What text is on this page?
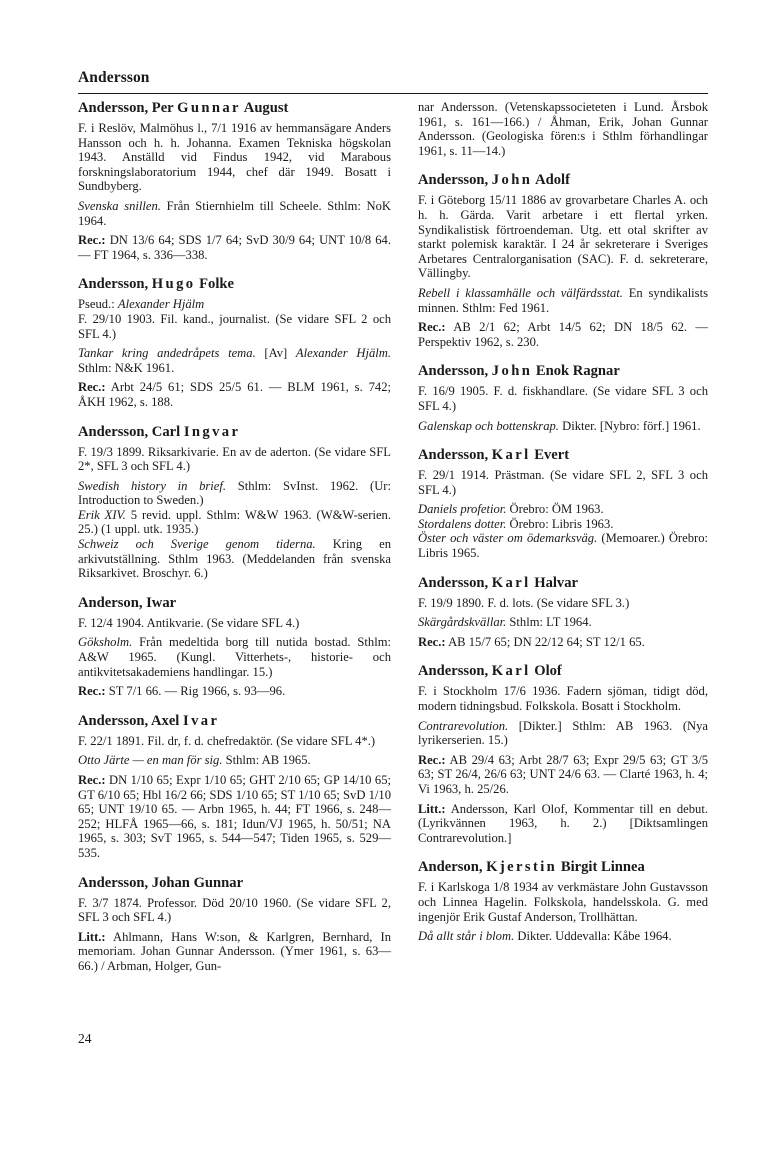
Andersson
Andersson, Per Gunnar August

F. i Reslöv, Malmöhus l., 7/1 1916 av hemmansägare Anders Hansson och h. h. Johanna. Examen Tekniska högskolan 1943. Anställd vid Findus 1942, vid Marabous forskningslaboratorium 1944, chef där 1949. Bosatt i Sundbyberg.

Svenska snillen. Från Stiernhielm till Scheele. Sthlm: NoK 1964.

Rec.: DN 13/6 64; SDS 1/7 64; SvD 30/9 64; UNT 10/8 64. — FT 1964, s. 336—338.

Andersson, Hugo Folke

Pseud.: Alexander Hjälm

F. 29/10 1903. Fil. kand., journalist. (Se vidare SFL 2 och SFL 4.)

Tankar kring andedråpets tema. [Av] Alexander Hjälm. Sthlm: N&K 1961.

Rec.: Arbt 24/5 61; SDS 25/5 61. — BLM 1961, s. 742; ÅKH 1962, s. 188.

Andersson, Carl Ingvar

F. 19/3 1899. Riksarkivarie. En av de aderton. (Se vidare SFL 2*, SFL 3 och SFL 4.)

Swedish history in brief. Sthlm: SvInst. 1962. (Ur: Introduction to Sweden.)

Erik XIV. 5 revid. uppl. Sthlm: W&W 1963. (W&W-serien. 25.) (1 uppl. utk. 1935.)

Schweiz och Sverige genom tiderna. Kring en arkivutställning. Sthlm 1963. (Meddelanden från svenska Riksarkivet. Broschyr. 6.)

Anderson, Iwar

F. 12/4 1904. Antikvarie. (Se vidare SFL 4.)

Göksholm. Från medeltida borg till nutida bostad. Sthlm: A&W 1965. (Kungl. Vitterhets-, historie- och antikvitetsakademiens handlingar. 15.)

Rec.: ST 7/1 66. — Rig 1966, s. 93—96.

Andersson, Axel Ivar

F. 22/1 1891. Fil. dr, f. d. chefredaktör. (Se vidare SFL 4*.)

Otto Järte — en man för sig. Sthlm: AB 1965.

Rec.: DN 1/10 65; Expr 1/10 65; GHT 2/10 65; GP 14/10 65; GT 6/10 65; Hbl 16/2 66; SDS 1/10 65; ST 1/10 65; SvD 1/10 65; UNT 19/10 65. — Arbn 1965, h. 44; FT 1966, s. 248—252; HLFÅ 1965—66, s. 181; Idun/VJ 1965, h. 50/51; NA 1965, s. 303; SvT 1965, s. 544—547; Tiden 1965, s. 529—535.

Andersson, Johan Gunnar

F. 3/7 1874. Professor. Död 20/10 1960. (Se vidare SFL 2, SFL 3 och SFL 4.)

Litt.: Ahlmann, Hans W:son, & Karlgren, Bernhard, In memoriam. Johan Gunnar Andersson. (Ymer 1961, s. 63—66.) / Arbman, Holger, Gun-

nar Andersson. (Vetenskapssocieteten i Lund. Årsbok 1961, s. 161—166.) / Åhman, Erik, Johan Gunnar Andersson. (Geologiska fören:s i Sthlm förhandlingar 1961, s. 11—14.)

Andersson, John Adolf

F. i Göteborg 15/11 1886 av grovarbetare Charles A. och h. h. Gärda. Varit arbetare i ett flertal yrken. Syndikalistisk förtroendeman. Utg. ett otal skrifter av starkt polemisk karaktär. I 24 år sekreterare i Sveriges Arbetares Centralorganisation (SAC). F. d. sekreterare, Vällingby.

Rebell i klassamhälle och välfärdsstat. En syndikalists minnen. Sthlm: Fed 1961.

Rec.: AB 2/1 62; Arbt 14/5 62; DN 18/5 62. — Perspektiv 1962, s. 230.

Andersson, John Enok Ragnar

F. 16/9 1905. F. d. fiskhandlare. (Se vidare SFL 3 och SFL 4.)

Galenskap och bottenskrap. Dikter. [Nybro: förf.] 1961.

Andersson, Karl Evert

F. 29/1 1914. Prästman. (Se vidare SFL 2, SFL 3 och SFL 4.)

Daniels profetior. Örebro: ÖM 1963.

Stordalens dotter. Örebro: Libris 1963.

Öster och väster om ödemarksväg. (Memoarer.) Örebro: Libris 1965.

Andersson, Karl Halvar

F. 19/9 1890. F. d. lots. (Se vidare SFL 3.)

Skärgårdskvällar. Sthlm: LT 1964.

Rec.: AB 15/7 65; DN 22/12 64; ST 12/1 65.

Andersson, Karl Olof

F. i Stockholm 17/6 1936. Fadern sjöman, tidigt död, modern tidningsbud. Folkskola. Bosatt i Stockholm.

Contrarevolution. [Dikter.] Sthlm: AB 1963. (Nya lyrikerserien. 15.)

Rec.: AB 29/4 63; Arbt 28/7 63; Expr 29/5 63; GT 3/5 63; ST 26/4, 26/6 63; UNT 24/6 63. — Clarté 1963, h. 4; Vi 1963, h. 25/26.

Litt.: Andersson, Karl Olof, Kommentar till en debut. (Lyrikvännen 1963, h. 2.) [Diktsamlingen Contrarevolution.]

Anderson, Kjerstin Birgit Linnea

F. i Karlskoga 1/8 1934 av verkmästare John Gustavsson och Linnea Hagelin. Folkskola, handelsskola. G. med ingenjör Erik Gustaf Anderson, Trollhättan.

Då allt står i blom. Dikter. Uddevalla: Kåbe 1964.

24
